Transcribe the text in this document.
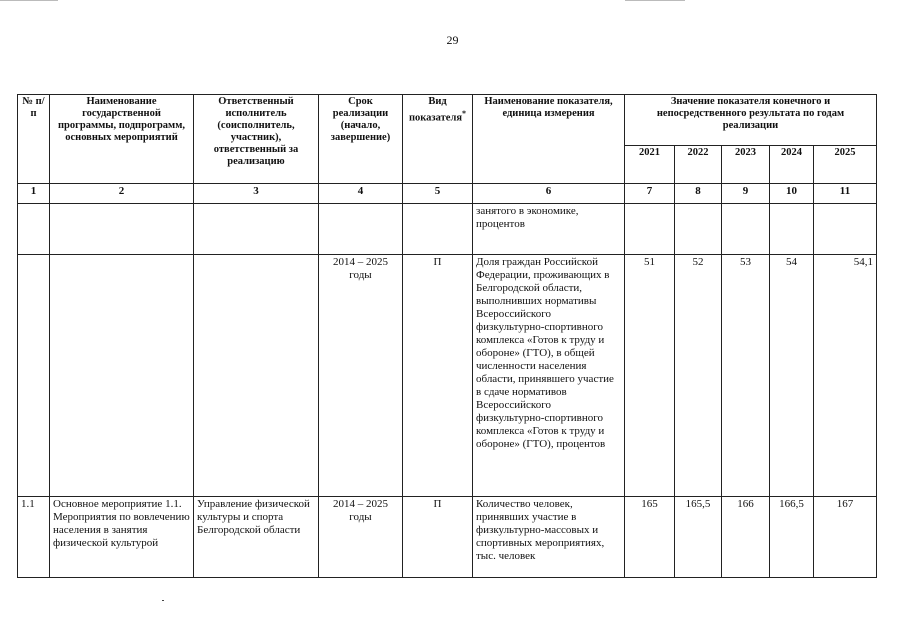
29
№ п/п	Наименование государственной программы, подпрограмм, основных мероприятий	Ответственный исполнитель (соисполнитель, участник), ответственный за реализацию	Срок реализации (начало, завершение)	Вид показателя*	Наименование показателя, единица измерения	Значение показателя конечного и непосредственного результата по годам реализации				
						2021	2022	2023	2024	2025
1	2	3	4	5	6	7	8	9	10	11
					занятого в экономике, процентов					
			2014 – 2025 годы	П	Доля граждан Российской Федерации, проживающих в Белгородской области, выполнивших нормативы Всероссийского физкультурно-спортивного комплекса «Готов к труду и обороне» (ГТО), в общей численности населения области, принявшего участие в сдаче нормативов Всероссийского физкультурно-спортивного комплекса «Готов к труду и обороне» (ГТО), процентов	51	52	53	54	54,1
1.1	Основное мероприятие 1.1. Мероприятия по вовлечению населения в занятия физической культурой	Управление физической культуры и спорта Белгородской области	2014 – 2025 годы	П	Количество человек, принявших участие в физкультурно-массовых и спортивных мероприятиях, тыс. человек	165	165,5	166	166,5	167
